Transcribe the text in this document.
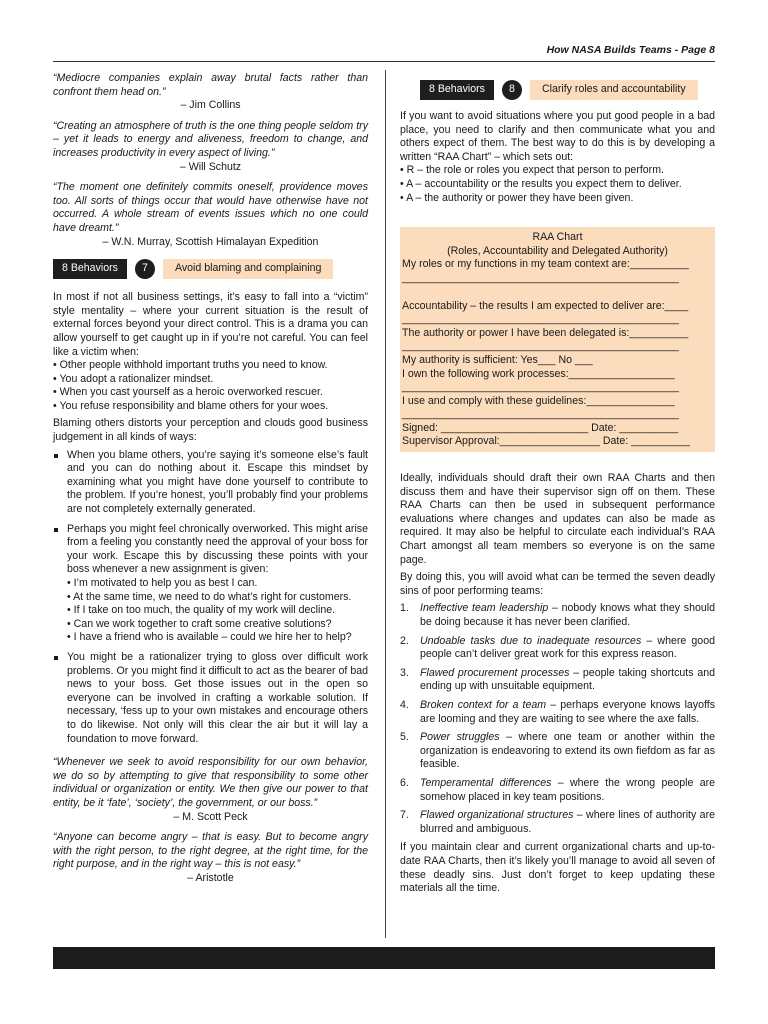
How NASA Builds Teams - Page 8

“Mediocre companies explain away brutal facts rather than confront them head on.”

– Jim Collins

“Creating an atmosphere of truth is the one thing people seldom try – yet it leads to energy and aliveness, freedom to change, and increases productivity in every aspect of living.”

– Will Schutz

“The moment one definitely commits oneself, providence moves too. All sorts of things occur that would have otherwise have not occurred. A whole stream of events issues which no one could have dreamt.”

– W.N. Murray, Scottish Himalayan Expedition

8 Behaviors	7	Avoid blaming and complaining

In most if not all business settings, it’s easy to fall into a “victim” style mentality – where your current situation is the result of external forces beyond your direct control. This is a drama you can allow yourself to get caught up in if you’re not careful. You can feel like a victim when:

• Other people withhold important truths you need to know.
• You adopt a rationalizer mindset.
• When you cast yourself as a heroic overworked rescuer.
• You refuse responsibility and blame others for your woes.

Blaming others distorts your perception and clouds good business judgement in all kinds of ways:

When you blame others, you’re saying it’s someone else’s fault and you can do nothing about it. Escape this mindset by examining what you might have done yourself to contribute to the problem. If you’re honest, you’ll probably find your problems are not completely externally generated.
Perhaps you might feel chronically overworked. This might arise from a feeling you constantly need the approval of your boss for your work. Escape this by discussing these points with your boss whenever a new assignment is given:
• I’m motivated to help you as best I can.
• At the same time, we need to do what’s right for customers.
• If I take on too much, the quality of my work will decline.
• Can we work together to craft some creative solutions?
• I have a friend who is available – could we hire her to help?
You might be a rationalizer trying to gloss over difficult work problems. Or you might find it difficult to act as the bearer of bad news to your boss. Get those issues out in the open so everyone can be involved in crafting a workable solution. If necessary, ‘fess up to your own mistakes and encourage others to do likewise. Not only will this clear the air but it will lay a foundation to move forward.

“Whenever we seek to avoid responsibility for our own behavior, we do so by attempting to give that responsibility to some other individual or organization or entity. We then give our power to that entity, be it ‘fate’, ‘society’, the government, or our boss.”

– M. Scott Peck

“Anyone can become angry – that is easy. But to become angry with the right person, to the right degree, at the right time, for the right purpose, and in the right way – this is not easy.”

– Aristotle

8 Behaviors	8	Clarify roles and accountability

If you want to avoid situations where you put good people in a bad place, you need to clarify and then communicate what you and others expect of them. The best way to do this is by developing a written “RAA Chart” – which sets out:

• R – the role or roles you expect that person to perform.
• A – accountability or the results you expect them to deliver.
• A – the authority or power they have been given.
RAA Chart
(Roles, Accountability and Delegated Authority)
My roles or my functions in my team context are:__________
_______________________________________________
Accountability – the results I am expected to deliver are:____
_______________________________________________
The authority or power I have been delegated is:__________
_______________________________________________
My authority is sufficient: Yes___ No ___
I own the following work processes:__________________
_______________________________________________
I use and comply with these guidelines:_______________
_______________________________________________
Signed: _________________________ Date: __________
Supervisor Approval:_________________ Date: __________

Ideally, individuals should draft their own RAA Charts and then discuss them and have their supervisor sign off on them. These RAA Charts can then be used in subsequent performance evaluations where changes and updates can also be made as required. It may also be helpful to circulate each individual’s RAA Chart amongst all team members so everyone is on the same page.

By doing this, you will avoid what can be termed the seven deadly sins of poor performing teams:

1. Ineffective team leadership – nobody knows what they should be doing because it has never been clarified.
2. Undoable tasks due to inadequate resources – where good people can’t deliver great work for this express reason.
3. Flawed procurement processes – people taking shortcuts and ending up with unsuitable equipment.
4. Broken context for a team – perhaps everyone knows layoffs are looming and they are waiting to see where the axe falls.
5. Power struggles – where one team or another within the organization is endeavoring to extend its own fiefdom as far as feasible.
6. Temperamental differences – where the wrong people are somehow placed in key team positions.
7. Flawed organizational structures – where lines of authority are blurred and ambiguous.

If you maintain clear and current organizational charts and up-to-date RAA Charts, then it’s likely you’ll manage to avoid all seven of these deadly sins. Just don’t forget to keep updating these materials all the time.
